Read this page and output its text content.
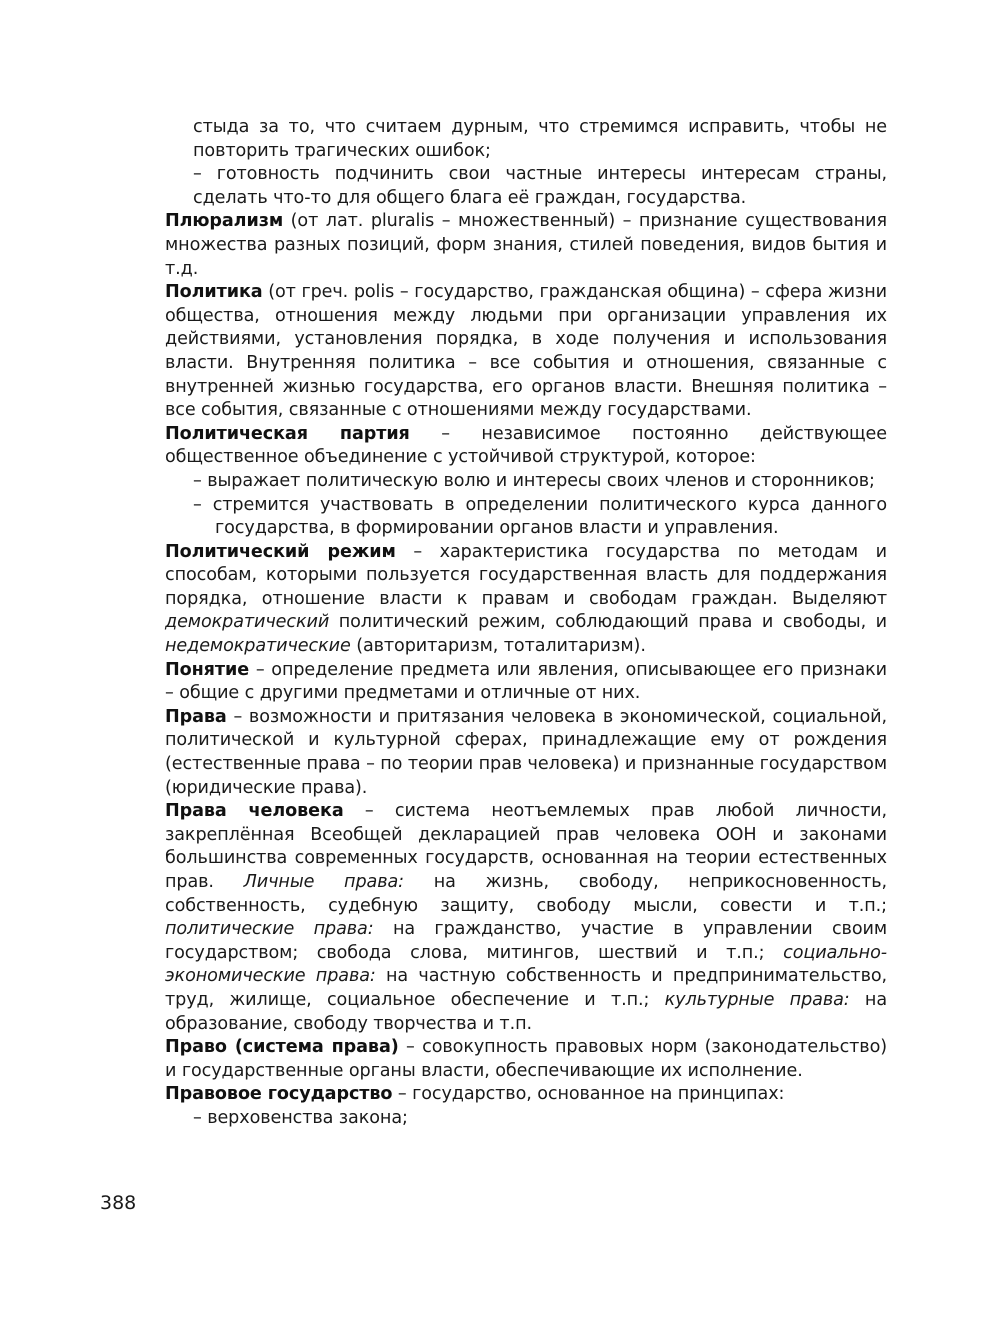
стыда за то, что считаем дурным, что стремимся исправить, чтобы не повторить трагических ошибок;

– готовность подчинить свои частные интересы интересам страны, сделать что-то для общего блага её граждан, государства.

Плюрализм (от лат. pluralis – множественный) – признание существования множества разных позиций, форм знания, стилей поведения, видов бытия и т.д.

Политика (от греч. polis – государство, гражданская община) – сфера жизни общества, отношения между людьми при организации управления их действиями, установления порядка, в ходе получения и использования власти. Внутренняя политика – все события и отношения, связанные с внутренней жизнью государства, его органов власти. Внешняя политика – все события, связанные с отношениями между государствами.

Политическая партия – независимое постоянно действующее общественное объединение с устойчивой структурой, которое:

– выражает политическую волю и интересы своих членов и сторонников;

– стремится участвовать в определении политического курса данного государства, в формировании органов власти и управления.

Политический режим – характеристика государства по методам и способам, которыми пользуется государственная власть для поддержания порядка, отношение власти к правам и свободам граждан. Выделяют демократический политический режим, соблюдающий права и свободы, и недемократические (авторитаризм, тоталитаризм).

Понятие – определение предмета или явления, описывающее его признаки – общие с другими предметами и отличные от них.

Права – возможности и притязания человека в экономической, социальной, политической и культурной сферах, принадлежащие ему от рождения (естественные права – по теории прав человека) и признанные государством (юридические права).

Права человека – система неотъемлемых прав любой личности, закреплённая Всеобщей декларацией прав человека ООН и законами большинства современных государств, основанная на теории естественных прав. Личные права: на жизнь, свободу, неприкосновенность, собственность, судебную защиту, свободу мысли, совести и т.п.; политические права: на гражданство, участие в управлении своим государством; свобода слова, митингов, шествий и т.п.; социально-экономические права: на частную собственность и предпринимательство, труд, жилище, социальное обеспечение и т.п.; культурные права: на образование, свободу творчества и т.п.

Право (система права) – совокупность правовых норм (законодательство) и государственные органы власти, обеспечивающие их исполнение.

Правовое государство – государство, основанное на принципах:

– верховенства закона;

388
